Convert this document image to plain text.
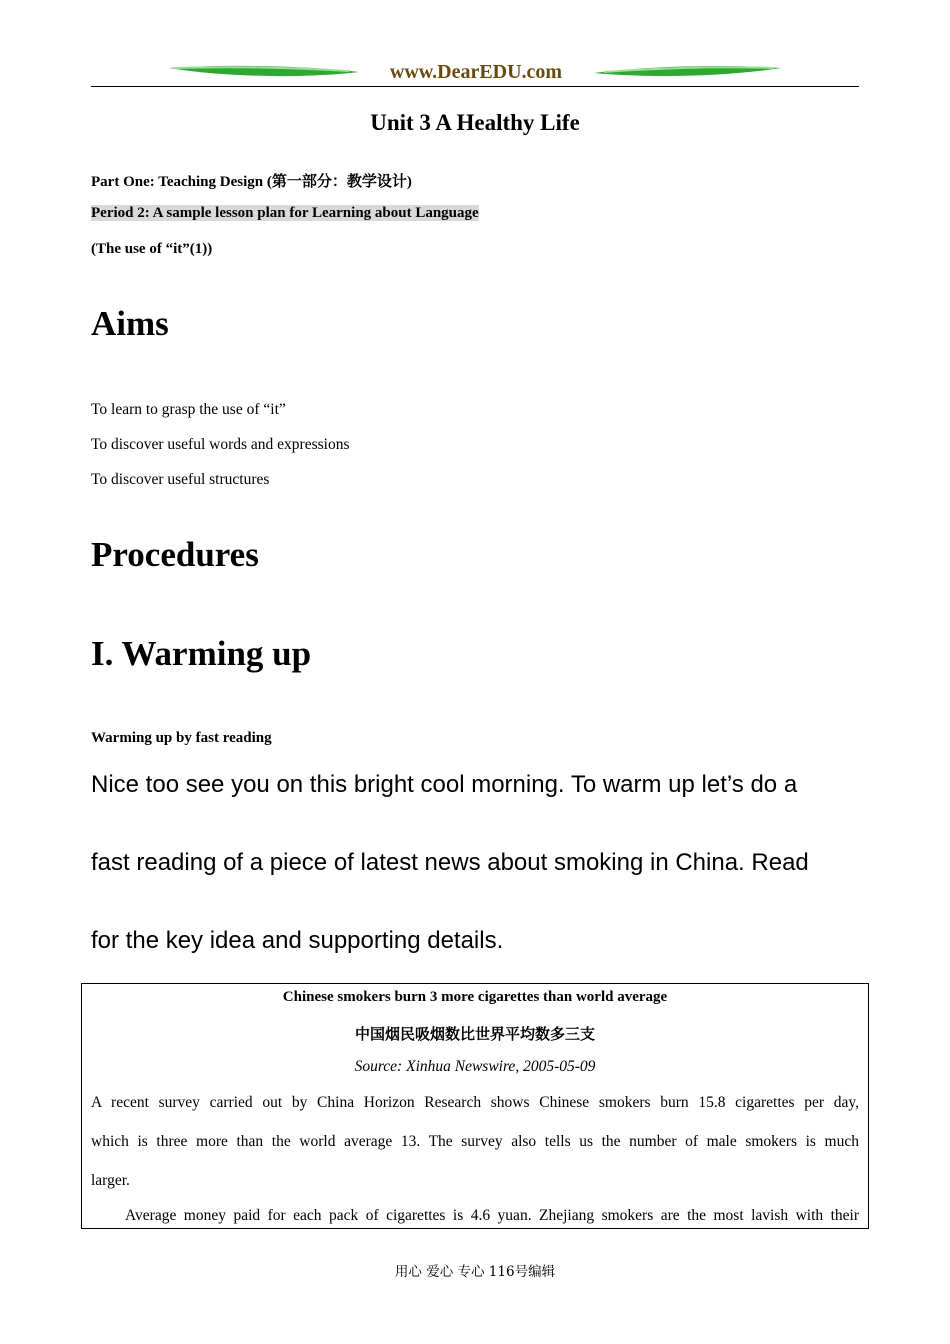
www.DearEDU.com

Unit 3 A Healthy Life

Part One: Teaching Design (第一部分：教学设计)

Period 2: A sample lesson plan for Learning about Language

(The use of “it”(1))

Aims

To learn to grasp the use of “it”

To discover useful words and expressions

To discover useful structures

Procedures
I. Warming up

Warming up by fast reading

Nice too see you on this bright cool morning. To warm up let’s do a

fast reading of a piece of latest news about smoking in China. Read

for the key idea and supporting details.

Chinese smokers burn 3 more cigarettes than world average
中国烟民吸烟数比世界平均数多三支
Source: Xinhua Newswire, 2005-05-09
A recent survey carried out by China Horizon Research shows Chinese smokers burn 15.8 cigarettes per day,
which is three more than the world average 13. The survey also tells us the number of male smokers is much
larger.
Average money paid for each pack of cigarettes is 4.6 yuan. Zhejiang smokers are the most lavish with their

用心 爱心 专心 116号编辑
